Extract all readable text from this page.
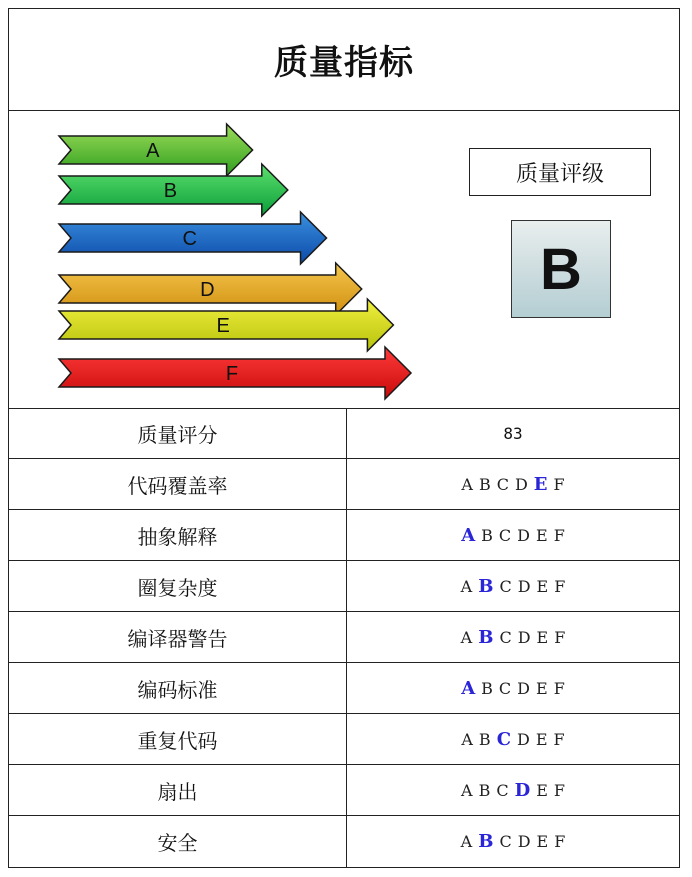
质量指标
A
B
C
D
E
F
质量评级
B
质量评分	83
代码覆盖率	A B C D E F
抽象解释	A B C D E F
圈复杂度	A B C D E F
编译器警告	A B C D E F
编码标准	A B C D E F
重复代码	A B C D E F
扇出	A B C D E F
安全	A B C D E F
